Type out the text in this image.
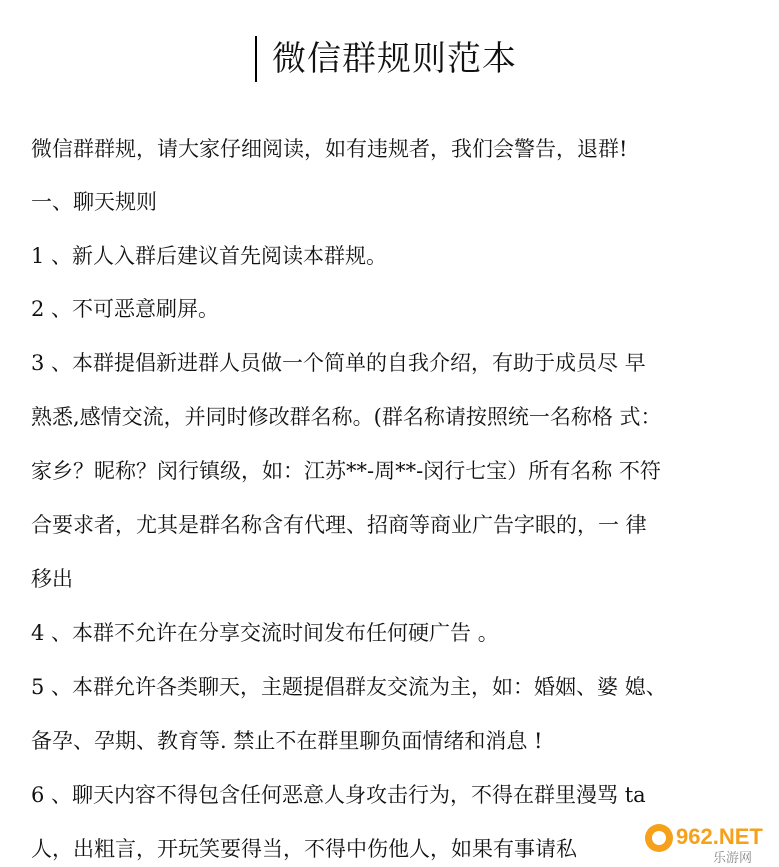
微信群规则范本
微信群群规，请大家仔细阅读，如有违规者，我们会警告，退群!
一、聊天规则
1 、新人入群后建议首先阅读本群规。
2 、不可恶意刷屏。
3 、本群提倡新进群人员做一个简单的自我介绍，有助于成员尽 早
熟悉,感情交流，并同时修改群名称。(群名称请按照统一名称格 式：
家乡？昵称？闵行镇级，如：江苏**-周**-闵行七宝）所有名称 不符
合要求者，尤其是群名称含有代理、招商等商业广告字眼的，一 律
移出
4 、本群不允许在分享交流时间发布任何硬广告 。
5 、本群允许各类聊天，主题提倡群友交流为主，如：婚姻、婆 媳、
备孕、孕期、教育等. 禁止不在群里聊负面情绪和消息 !
6 、聊天内容不得包含任何恶意人身攻击行为，不得在群里漫骂 ta
人，出粗言，开玩笑要得当，不得中伤他人，如果有事请私	962.NET
乐游网
